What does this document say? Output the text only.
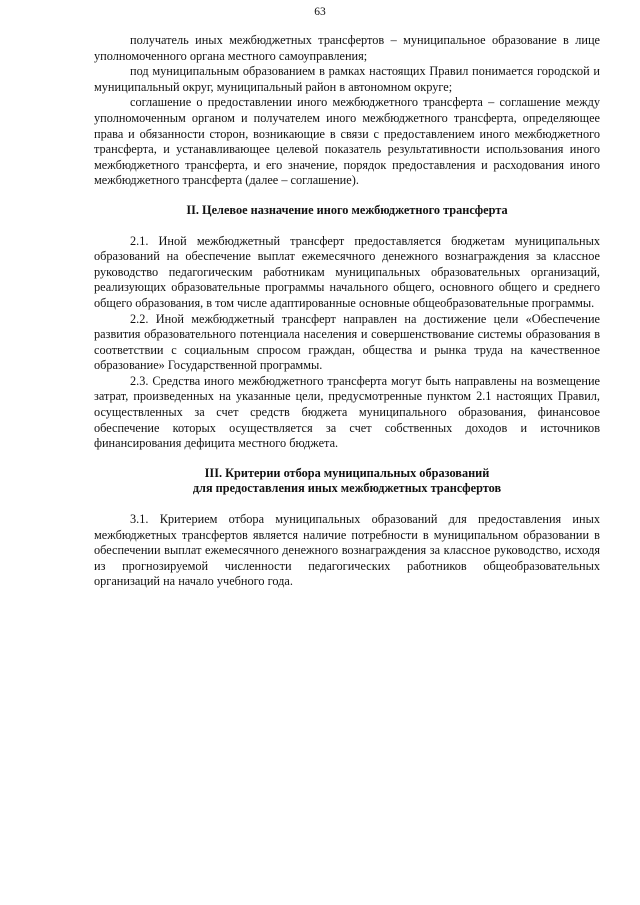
63

получатель иных межбюджетных трансфертов – муниципальное образование в лице уполномоченного органа местного самоуправления;

под муниципальным образованием в рамках настоящих Правил понимается городской и муниципальный округ, муниципальный район в автономном округе;

соглашение о предоставлении иного межбюджетного трансферта – соглашение между уполномоченным органом и получателем иного межбюджетного трансферта, определяющее права и обязанности сторон, возникающие в связи с предоставлением иного межбюджетного трансферта, и устанавливающее целевой показатель результативности использования иного межбюджетного трансферта, и его значение, порядок предоставления и расходования иного межбюджетного трансферта (далее – соглашение).

II. Целевое назначение иного межбюджетного трансферта

2.1. Иной межбюджетный трансферт предоставляется бюджетам муниципальных образований на обеспечение выплат ежемесячного денежного вознаграждения за классное руководство педагогическим работникам муниципальных образовательных организаций, реализующих образовательные программы начального общего, основного общего и среднего общего образования, в том числе адаптированные основные общеобразовательные программы.

2.2. Иной межбюджетный трансферт направлен на достижение цели «Обеспечение развития образовательного потенциала населения и совершенствование системы образования в соответствии с социальным спросом граждан, общества и рынка труда на качественное образование» Государственной программы.

2.3. Средства иного межбюджетного трансферта могут быть направлены на возмещение затрат, произведенных на указанные цели, предусмотренные пунктом 2.1 настоящих Правил, осуществленных за счет средств бюджета муниципального образования, финансовое обеспечение которых осуществляется за счет собственных доходов и источников финансирования дефицита местного бюджета.

III. Критерии отбора муниципальных образований

для предоставления иных межбюджетных трансфертов

3.1. Критерием отбора муниципальных образований для предоставления иных межбюджетных трансфертов является наличие потребности в муниципальном образовании в обеспечении выплат ежемесячного денежного вознаграждения за классное руководство, исходя из прогнозируемой численности педагогических работников общеобразовательных организаций на начало учебного года.
